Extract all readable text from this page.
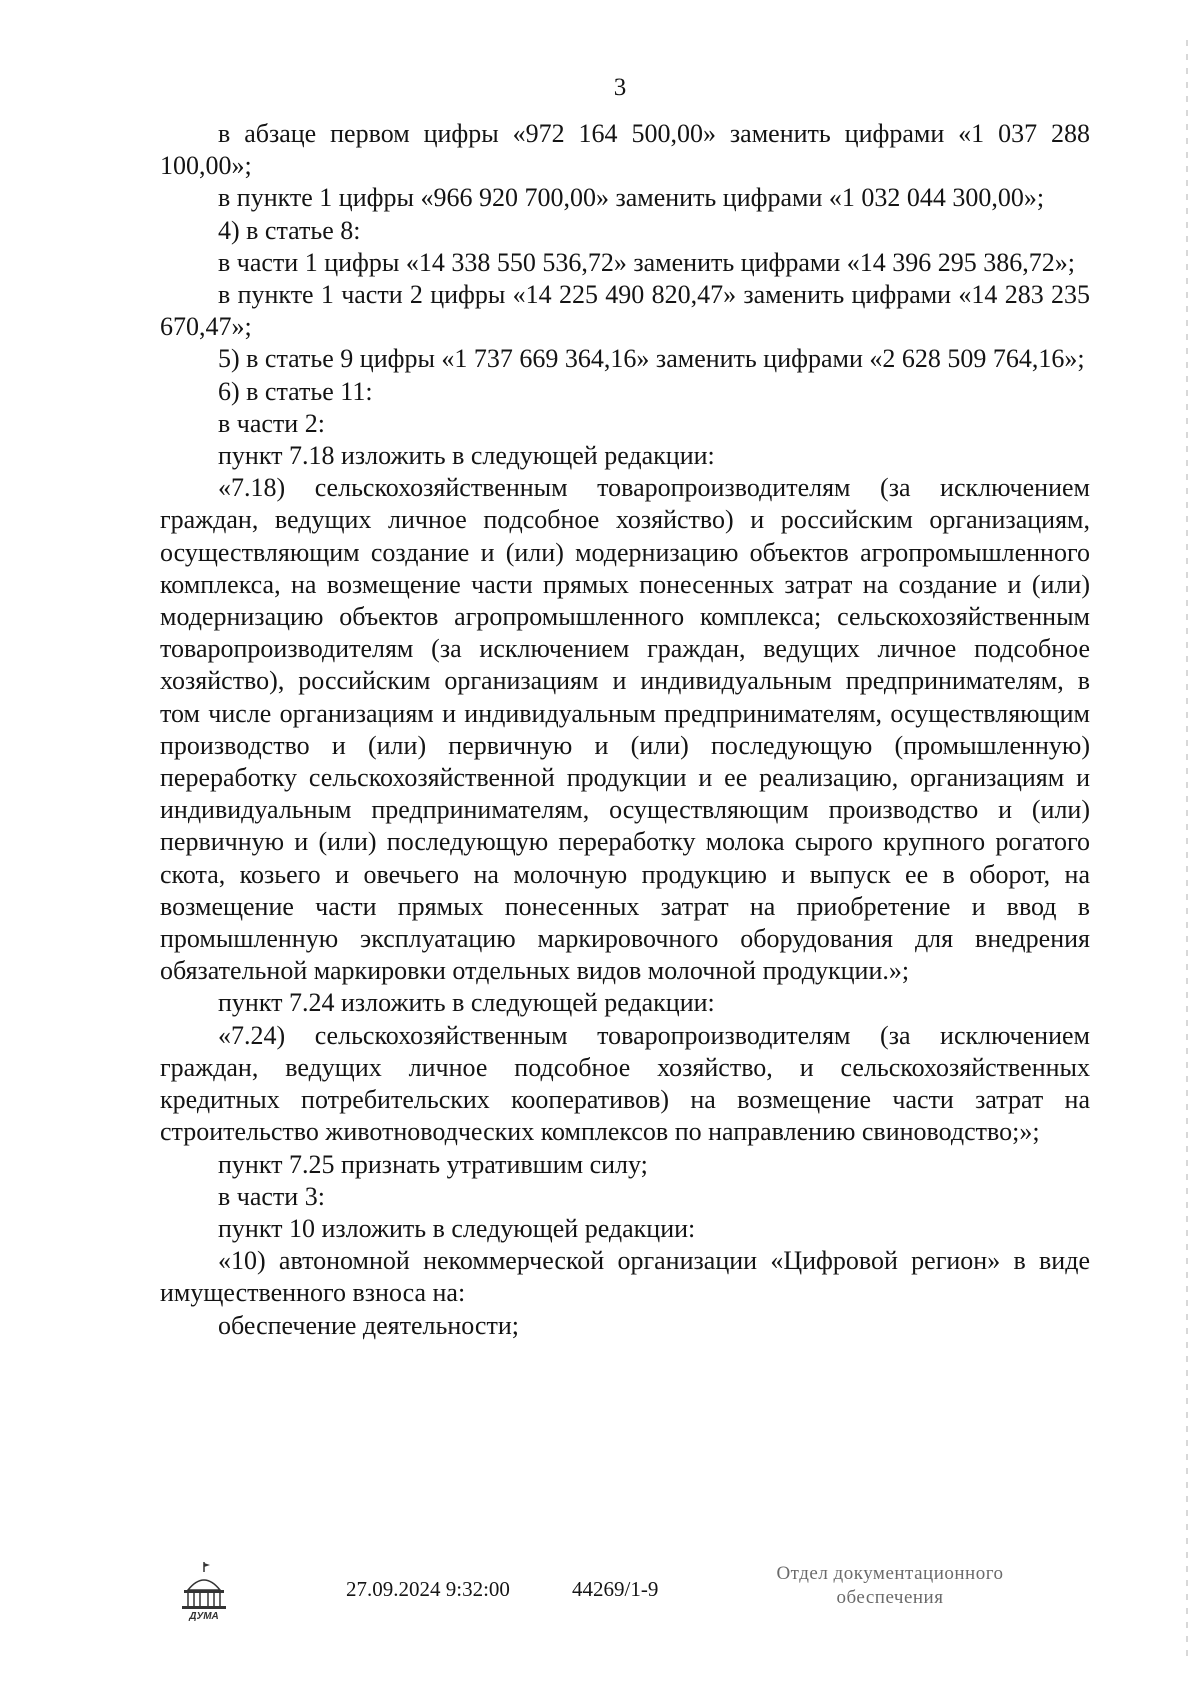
3

в абзаце первом цифры «972 164 500,00» заменить цифрами «1 037 288 100,00»;

в пункте 1 цифры «966 920 700,00» заменить цифрами «1 032 044 300,00»;

4) в статье 8:

в части 1 цифры «14 338 550 536,72» заменить цифрами «14 396 295 386,72»;

в пункте 1 части 2 цифры «14 225 490 820,47» заменить цифрами «14 283 235 670,47»;

5) в статье 9 цифры «1 737 669 364,16» заменить цифрами «2 628 509 764,16»;

6) в статье 11:

в части 2:

пункт 7.18 изложить в следующей редакции:

«7.18) сельскохозяйственным товаропроизводителям (за исключением граждан, ведущих личное подсобное хозяйство) и российским организациям, осуществляющим создание и (или) модернизацию объектов агропромышленного комплекса, на возмещение части прямых понесенных затрат на создание и (или) модернизацию объектов агропромышленного комплекса; сельскохозяйственным товаропроизводителям (за исключением граждан, ведущих личное подсобное хозяйство), российским организациям и индивидуальным предпринимателям, в том числе организациям и индивидуальным предпринимателям, осуществляющим производство и (или) первичную и (или) последующую (промышленную) переработку сельскохозяйственной продукции и ее реализацию, организациям и индивидуальным предпринимателям, осуществляющим производство и (или) первичную и (или) последующую переработку молока сырого крупного рогатого скота, козьего и овечьего на молочную продукцию и выпуск ее в оборот, на возмещение части прямых понесенных затрат на приобретение и ввод в промышленную эксплуатацию маркировочного оборудования для внедрения обязательной маркировки отдельных видов молочной продукции.»;

пункт 7.24 изложить в следующей редакции:

«7.24) сельскохозяйственным товаропроизводителям (за исключением граждан, ведущих личное подсобное хозяйство, и сельскохозяйственных кредитных потребительских кооперативов) на возмещение части затрат на строительство животноводческих комплексов по направлению свиноводство;»;

пункт 7.25 признать утратившим силу;

в части 3:

пункт 10 изложить в следующей редакции:

«10) автономной некоммерческой организации «Цифровой регион» в виде имущественного взноса на:

обеспечение деятельности;

ДУМА
27.09.2024 9:32:00	44269/1-9
Отдел документационного
обеспечения
